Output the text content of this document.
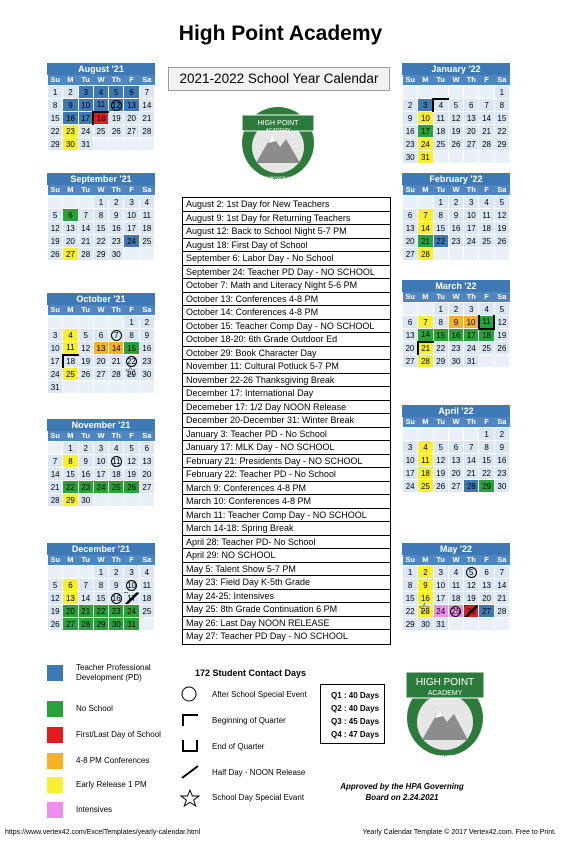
High Point Academy
2021-2022 School Year Calendar
HIGH POINT
ACADEMY
REACH EMPOWER SUCCEED
August '21
Su	M	Tu	W	Th	F	Sa
1	2	3	4	5	6	7
8	9	10	11	12	13	14
15	16	17	18	19	20	21
22	23	24	25	26	27	28
29	30	31				
September '21
Su	M	Tu	W	Th	F	Sa
			1	2	3	4
5	6	7	8	9	10	11
12	13	14	15	16	17	18
19	20	21	22	23	24	25
26	27	28	29	30		
October '21
Su	M	Tu	W	Th	F	Sa
					1	2
3	4	5	6	7	8	9
10	11	12	13	14	15	16
17	18	19	20	21	22	23
24	25	26	27	28	29 ☆	30
31						
November '21
Su	M	Tu	W	Th	F	Sa
	1	2	3	4	5	6
7	8	9	10	11	12	13
14	15	16	17	18	19	20
21	22	23	24	25	26	27
28	29	30				
December '21
Su	M	Tu	W	Th	F	Sa
			1	2	3	4
5	6	7	8	9	10	11
12	13	14	15	16	17	18
19	20	21	22	23	24	25
26	27	28	29	30	31	
January '22
Su	M	Tu	W	Th	F	Sa
						1
2	3	4	5	6	7	8
9	10	11	12	13	14	15
16	17	18	19	20	21	22
23	24	25	26	27	28	29
30	31					
February '22
Su	M	Tu	W	Th	F	Sa
		1	2	3	4	5
6	7	8	9	10	11	12
13	14	15	16	17	18	19
20	21	22	23	24	25	26
27	28					
March '22
Su	M	Tu	W	Th	F	Sa
		1	2	3	4	5
6	7	8	9	10	11	12
13	14	15	16	17	18	19
20	21	22	23	24	25	26
27	28	29	30	31		
April '22
Su	M	Tu	W	Th	F	Sa
					1	2
3	4	5	6	7	8	9
10	11	12	13	14	15	16
17	18	19	20	21	22	23
24	25	26	27	28	29	30
May '22
Su	M	Tu	W	Th	F	Sa
1	2	3	4	5	6	7
8	9	10	11	12	13	14
15	16	17	18	19	20	21
22	23 ☆	24	25	26	27	28
29	30	31				
August 2: 1st Day for New Teachers
August 9: 1st Day for Returning Teachers
August 12: Back to School Night 5-7 PM
August 18: First Day of School
September 6: Labor Day - No School
September 24: Teacher PD Day - NO SCHOOL
October 7: Math and Literacy Night 5-6 PM
October 13: Conferences 4-8 PM
October 14: Conferences 4-8 PM
October 15: Teacher Comp Day - NO SCHOOL
October 18-20: 6th Grade Outdoor Ed
October 29: Book Character Day
November 11: Cultural Potluck 5-7 PM
November 22-26 Thanksgiving Break
December 17: International Day
Decemeber 17: 1/2 Day NOON Release
December 20-December 31: Winter Break
January 3: Teacher PD - No School
January 17: MLK Day - NO SCHOOL
February 21: Presidents Day - NO SCHOOL
February 22: Teacher PD - No School
March 9: Conferences 4-8 PM
March 10: Conferences 4-8 PM
March 11: Teacher Comp Day - NO SCHOOL
March 14-18: Spring Break
April 28: Teacher PD- No School
April 29: NO SCHOOL
May 5: Talent Show 5-7 PM
May 23: Field Day K-5th Grade
May 24-25: Intensives
May 25: 8th Grade Continuation 6 PM
May 26: Last Day NOON RELEASE
May 27: Teacher PD Day - NO SCHOOL
172 Student Contact Days
Teacher Professional Development (PD)
No School
First/Last Day of School
4-8 PM Conferences
Early Release 1 PM
Intensives
After School Special Event
Beginning of Quarter
End of Quarter
Half Day - NOON Release
School Day Special Evant
Q1 : 40 Days
Q2 : 40 Days
Q3 : 45 Days
Q4 : 47 Days
HIGH POINT
ACADEMY
REACH EMPOWER SUCCEED
Approved by the HPA Governing Board on 2.24.2021
https://www.vertex42.com/ExcelTemplates/yearly-calendar.html	Yearly Calendar Template © 2017 Vertex42.com. Free to Print.
